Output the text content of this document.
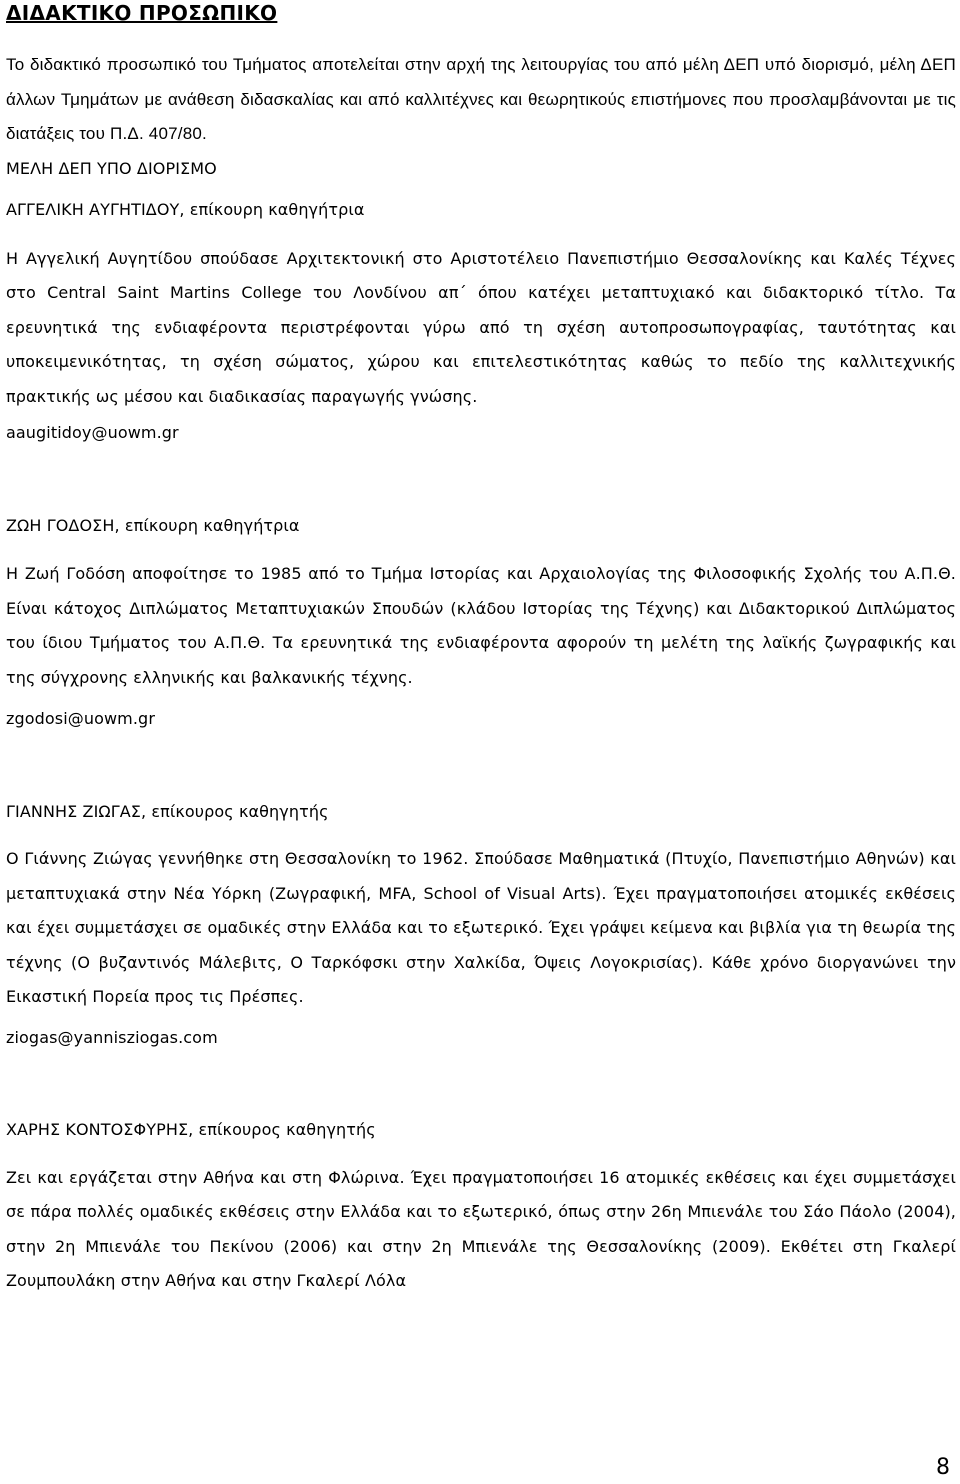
ΔΙΔΑΚΤΙΚΟ ΠΡΟΣΩΠΙΚΟ

Το διδακτικό προσωπικό του Τμήματος αποτελείται στην αρχή της λειτουργίας του από μέλη ΔΕΠ υπό διορισμό, μέλη ΔΕΠ άλλων Τμημάτων με ανάθεση διδασκαλίας και από καλλιτέχνες και θεωρητικούς επιστήμονες που προσλαμβάνονται με τις διατάξεις του Π.Δ. 407/80.

ΜΕΛΗ ΔΕΠ ΥΠΟ ΔΙΟΡΙΣΜΟ

ΑΓΓΕΛΙΚΗ ΑΥΓΗΤΙΔΟΥ, επίκουρη καθηγήτρια

Η Αγγελική Αυγητίδου σπούδασε Αρχιτεκτονική στο Αριστοτέλειο Πανεπιστήμιο Θεσσαλονίκης και Καλές Τέχνες στο Central Saint Martins College του Λονδίνου απ΄ όπου κατέχει μεταπτυχιακό και διδακτορικό τίτλο. Τα ερευνητικά της ενδιαφέροντα περιστρέφονται γύρω από τη σχέση αυτοπροσωπογραφίας, ταυτότητας και υποκειμενικότητας, τη σχέση σώματος, χώρου και επιτελεστικότητας καθώς το πεδίο της καλλιτεχνικής πρακτικής ως μέσου και διαδικασίας παραγωγής γνώσης.

aaugitidoy@uowm.gr

ΖΩΗ ΓΟΔΟΣΗ, επίκουρη καθηγήτρια

Η Ζωή Γοδόση αποφοίτησε το 1985 από το Τμήμα Ιστορίας και Αρχαιολογίας της Φιλοσοφικής Σχολής του Α.Π.Θ. Είναι κάτοχος Διπλώματος Μεταπτυχιακών Σπουδών (κλάδου Ιστορίας της Τέχνης) και Διδακτορικού Διπλώματος του ίδιου Τμήματος του Α.Π.Θ. Τα ερευνητικά της ενδιαφέροντα αφορούν τη μελέτη της λαϊκής ζωγραφικής και της σύγχρονης ελληνικής και βαλκανικής τέχνης.

zgodosi@uowm.gr

ΓΙΑΝΝΗΣ ΖΙΩΓΑΣ, επίκουρος καθηγητής

Ο Γιάννης Ζιώγας γεννήθηκε στη Θεσσαλονίκη το 1962. Σπούδασε Μαθηματικά (Πτυχίο, Πανεπιστήμιο Αθηνών) και μεταπτυχιακά στην Νέα Υόρκη (Ζωγραφική, MFA, School of Visual Arts). Έχει πραγματοποιήσει ατομικές εκθέσεις και έχει συμμετάσχει σε ομαδικές στην Ελλάδα και το εξωτερικό. Έχει γράψει κείμενα και βιβλία για τη θεωρία της τέχνης (Ο βυζαντινός Μάλεβιτς, Ο Ταρκόφσκι στην Χαλκίδα, Όψεις Λογοκρισίας). Κάθε χρόνο διοργανώνει την Εικαστική Πορεία προς τις Πρέσπες.

ziogas@yannisziogas.com

ΧΑΡΗΣ ΚΟΝΤΟΣΦΥΡΗΣ, επίκουρος καθηγητής

Ζει και εργάζεται στην Αθήνα και στη Φλώρινα. Έχει πραγματοποιήσει 16 ατομικές εκθέσεις και έχει συμμετάσχει σε πάρα πολλές ομαδικές εκθέσεις στην Ελλάδα και το εξωτερικό, όπως στην 26η Μπιενάλε του Σάο Πάολο (2004), στην 2η Μπιενάλε του Πεκίνου (2006) και στην 2η Μπιενάλε της Θεσσαλονίκης (2009). Εκθέτει στη Γκαλερί Ζουμπουλάκη στην Αθήνα και στην Γκαλερί Λόλα

8
